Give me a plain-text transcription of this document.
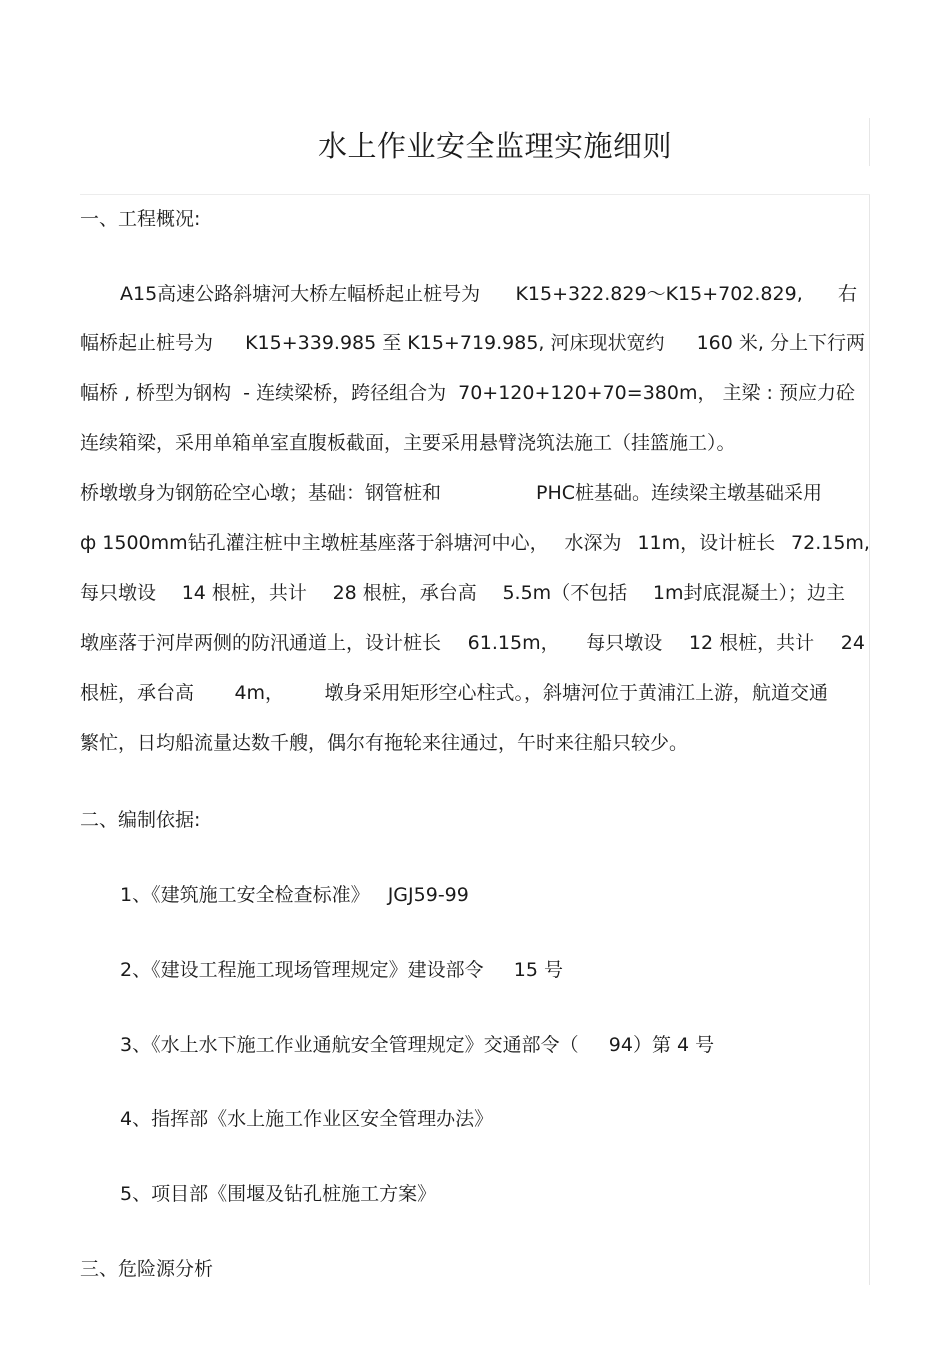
水上作业安全监理实施细则
一、工程概况:
A15高速公路斜塘河大桥左幅桥起止桩号为 K15+322.829～K15+702.829, 右
幅桥起止桩号为 K15+339.985 至 K15+719.985, 河床现状宽约 160 米, 分上下行两
幅桥 , 桥型为钢构 - 连续梁桥，跨径组合为 70+120+120+70=380m， 主梁 : 预应力砼
连续箱梁，采用单箱单室直腹板截面，主要采用悬臂浇筑法施工（挂篮施工）。
桥墩墩身为钢筋砼空心墩；基础：钢管桩和	PHC桩基础。连续梁主墩基础采用
ф 1500mm钻孔灌注桩中主墩桩基座落于斜塘河中心， 水深为 11m，设计桩长 72.15m,
每只墩设 14 根桩，共计 28 根桩，承台高 5.5m（不包括 1m封底混凝土）；边主
墩座落于河岸两侧的防汛通道上，设计桩长 61.15m， 每只墩设 12 根桩，共计 24
根桩，承台高 4m， 墩身采用矩形空心柱式。，斜塘河位于黄浦江上游，航道交通
繁忙，日均船流量达数千艘，偶尔有拖轮来往通过，午时来往船只较少。
二、编制依据:
1、《建筑施工安全检查标准》   JGJ59-99
2、《建设工程施工现场管理规定》建设部令     15 号
3、《水上水下施工作业通航安全管理规定》交通部令（     94）第 4 号
4、指挥部《水上施工作业区安全管理办法》
5、项目部《围堰及钻孔桩施工方案》
三、危险源分析
